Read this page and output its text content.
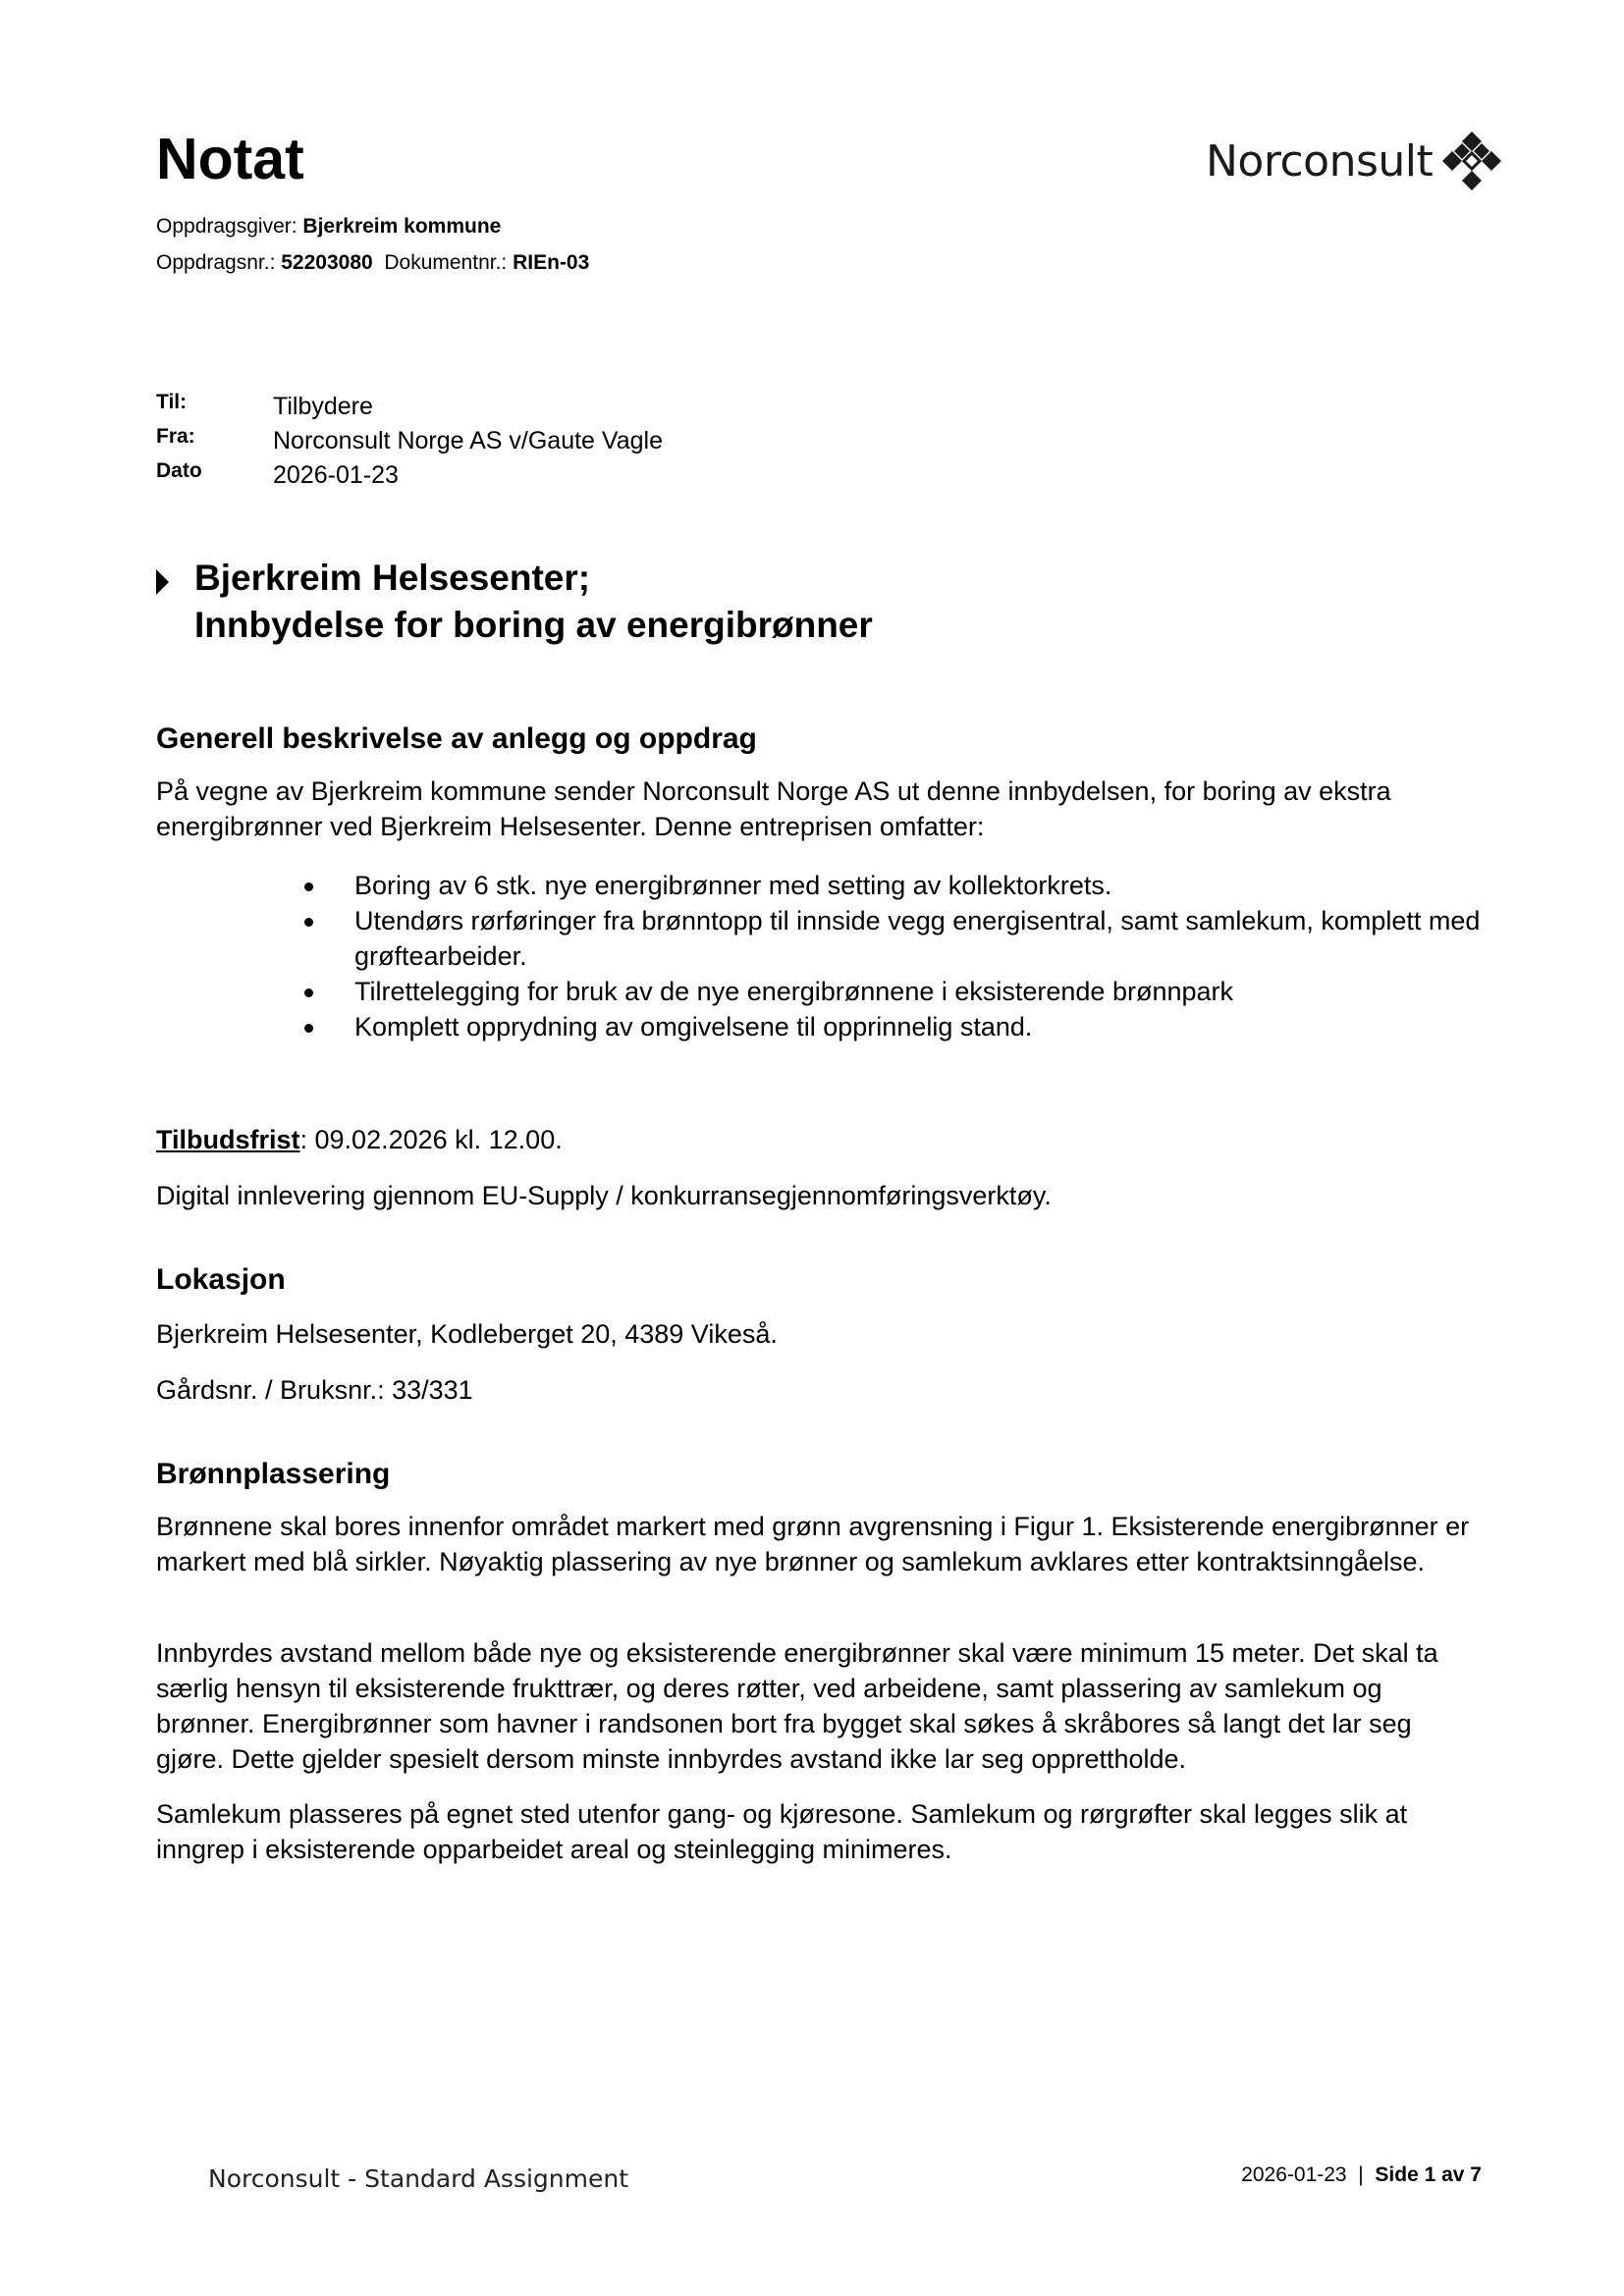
Notat	Norconsult
Oppdragsgiver: Bjerkreim kommune
Oppdragsnr.: 52203080 Dokumentnr.: RIEn-03
Til:	Tilbydere
Fra:	Norconsult Norge AS v/Gaute Vagle
Dato	2026-01-23
Bjerkreim Helsesenter;
Innbydelse for boring av energibrønner
Generell beskrivelse av anlegg og oppdrag
På vegne av Bjerkreim kommune sender Norconsult Norge AS ut denne innbydelsen, for boring av ekstra energibrønner ved Bjerkreim Helsesenter. Denne entreprisen omfatter:
Boring av 6 stk. nye energibrønner med setting av kollektorkrets.
Utendørs rørføringer fra brønntopp til innside vegg energisentral, samt samlekum, komplett med grøftearbeider.
Tilrettelegging for bruk av de nye energibrønnene i eksisterende brønnpark
Komplett opprydning av omgivelsene til opprinnelig stand.
Tilbudsfrist: 09.02.2026 kl. 12.00.
Digital innlevering gjennom EU-Supply / konkurransegjennomføringsverktøy.
Lokasjon
Bjerkreim Helsesenter, Kodleberget 20, 4389 Vikeså.
Gårdsnr. / Bruksnr.: 33/331
Brønnplassering
Brønnene skal bores innenfor området markert med grønn avgrensning i Figur 1. Eksisterende energibrønner er markert med blå sirkler. Nøyaktig plassering av nye brønner og samlekum avklares etter kontraktsinngåelse.
Innbyrdes avstand mellom både nye og eksisterende energibrønner skal være minimum 15 meter. Det skal ta særlig hensyn til eksisterende frukttrær, og deres røtter, ved arbeidene, samt plassering av samlekum og brønner. Energibrønner som havner i randsonen bort fra bygget skal søkes å skråbores så langt det lar seg gjøre. Dette gjelder spesielt dersom minste innbyrdes avstand ikke lar seg opprettholde.
Samlekum plasseres på egnet sted utenfor gang- og kjøresone. Samlekum og rørgrøfter skal legges slik at inngrep i eksisterende opparbeidet areal og steinlegging minimeres.
Norconsult - Standard Assignment	2026-01-23 | Side 1 av 7
